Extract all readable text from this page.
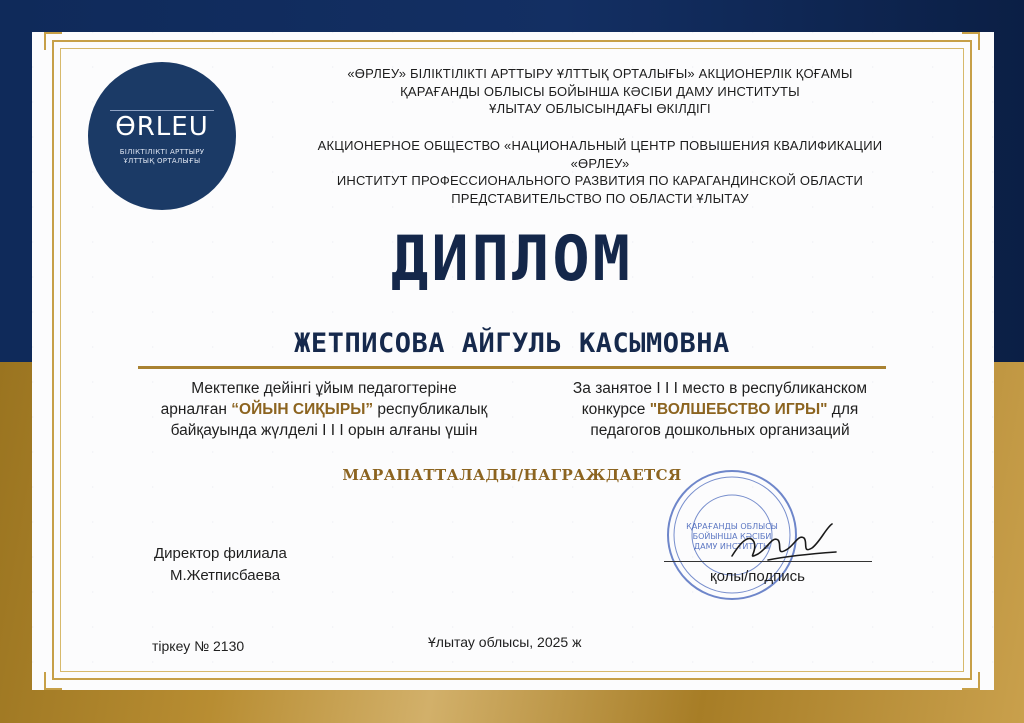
ӨRLEU
БІЛІКТІЛІКТІ АРТТЫРУ
ҰЛТТЫҚ ОРТАЛЫҒЫ
«ӨРЛЕУ» БІЛІКТІЛІКТІ АРТТЫРУ ҰЛТТЫҚ ОРТАЛЫҒЫ» АКЦИОНЕРЛІК ҚОҒАМЫ
ҚАРАҒАНДЫ ОБЛЫСЫ БОЙЫНША КӘСІБИ ДАМУ ИНСТИТУТЫ
ҰЛЫТАУ ОБЛЫСЫНДАҒЫ ӨКІЛДІГІ
АКЦИОНЕРНОЕ ОБЩЕСТВО «НАЦИОНАЛЬНЫЙ ЦЕНТР ПОВЫШЕНИЯ КВАЛИФИКАЦИИ
«ӨРЛЕУ»
ИНСТИТУТ ПРОФЕССИОНАЛЬНОГО РАЗВИТИЯ ПО КАРАГАНДИНСКОЙ ОБЛАСТИ
ПРЕДСТАВИТЕЛЬСТВО ПО ОБЛАСТИ ҰЛЫТАУ
ДИПЛОМ
ЖЕТПИСОВА АЙГУЛЬ КАСЫМОВНА
Мектепке дейінгі ұйым педагогтеріне
арналған “ОЙЫН СИҚЫРЫ” республикалық
байқауында жүлделі I I I орын алғаны үшін
За занятое I I I место в республиканском
конкурсе "ВОЛШЕБСТВО ИГРЫ" для
педагогов дошкольных организаций
МАРАПАТТАЛАДЫ/НАГРАЖДАЕТСЯ
Директор филиала
М.Жетписбаева
ҚАРАҒАНДЫ ОБЛЫСЫ
БОЙЫНША КӘСІБИ
ДАМУ ИНСТИТУТЫ
қолы/подпись
тіркеу № 2130	Ұлытау облысы, 2025 ж
